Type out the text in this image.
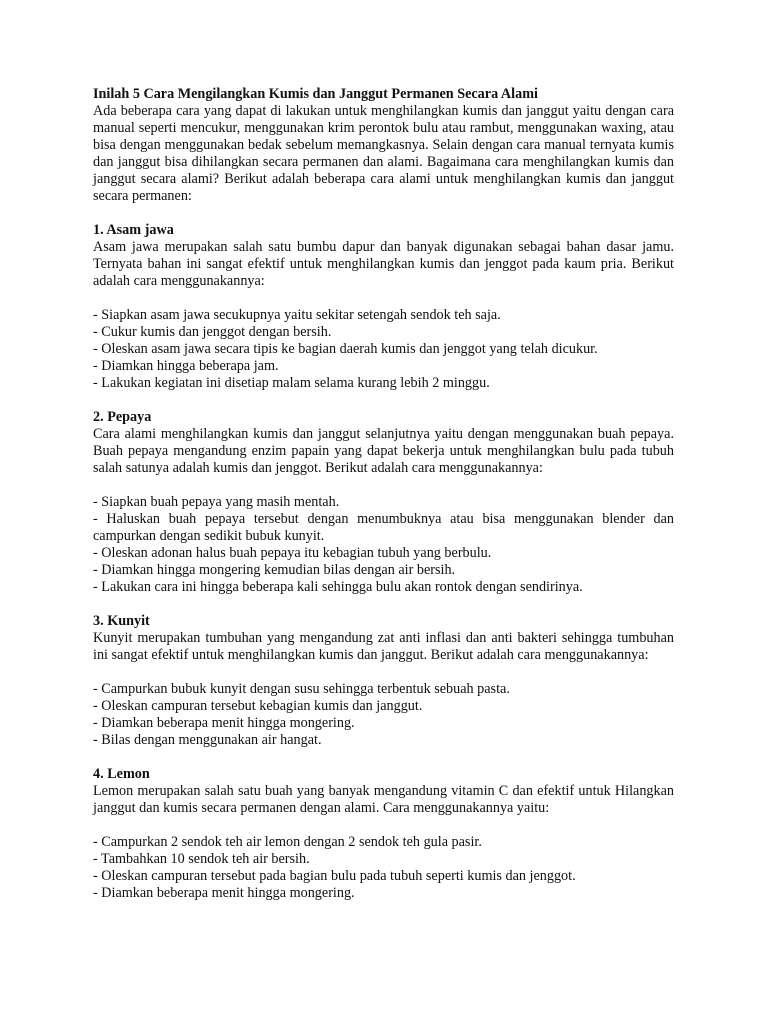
Inilah 5 Cara Mengilangkan Kumis dan Janggut Permanen Secara Alami

Ada beberapa cara yang dapat di lakukan untuk menghilangkan kumis dan janggut yaitu dengan cara manual seperti mencukur, menggunakan krim perontok bulu atau rambut, menggunakan waxing, atau bisa dengan menggunakan bedak sebelum memangkasnya. Selain dengan cara manual ternyata kumis dan janggut bisa dihilangkan secara permanen dan alami. Bagaimana cara menghilangkan kumis dan janggut secara alami? Berikut adalah beberapa cara alami untuk menghilangkan kumis dan janggut secara permanen:

1. Asam jawa

Asam jawa merupakan salah satu bumbu dapur dan banyak digunakan sebagai bahan dasar jamu. Ternyata bahan ini sangat efektif untuk menghilangkan kumis dan jenggot pada kaum pria. Berikut adalah cara menggunakannya:

- Siapkan asam jawa secukupnya yaitu sekitar setengah sendok teh saja.

- Cukur kumis dan jenggot dengan bersih.

- Oleskan asam jawa secara tipis ke bagian daerah kumis dan jenggot yang telah dicukur.

- Diamkan hingga beberapa jam.

- Lakukan kegiatan ini disetiap malam selama kurang lebih 2 minggu.

2. Pepaya

Cara alami menghilangkan kumis dan janggut selanjutnya yaitu dengan menggunakan buah pepaya. Buah pepaya mengandung enzim papain yang dapat bekerja untuk menghilangkan bulu pada tubuh salah satunya adalah kumis dan jenggot. Berikut adalah cara menggunakannya:

- Siapkan buah pepaya yang masih mentah.

- Haluskan buah pepaya tersebut dengan menumbuknya atau bisa menggunakan blender dan campurkan dengan sedikit bubuk kunyit.

- Oleskan adonan halus buah pepaya itu kebagian tubuh yang berbulu.

- Diamkan hingga mongering kemudian bilas dengan air bersih.

- Lakukan cara ini hingga beberapa kali sehingga bulu akan rontok dengan sendirinya.

3. Kunyit

Kunyit merupakan tumbuhan yang mengandung zat anti inflasi dan anti bakteri sehingga tumbuhan ini sangat efektif untuk menghilangkan kumis dan janggut. Berikut adalah cara menggunakannya:

- Campurkan bubuk kunyit dengan susu sehingga terbentuk sebuah pasta.

- Oleskan campuran tersebut kebagian kumis dan janggut.

- Diamkan beberapa menit hingga mongering.

- Bilas dengan menggunakan air hangat.

4. Lemon

Lemon merupakan salah satu buah yang banyak mengandung vitamin C dan efektif untuk Hilangkan janggut dan kumis secara permanen dengan alami. Cara menggunakannya yaitu:

- Campurkan 2 sendok teh air lemon dengan 2 sendok teh gula pasir.

- Tambahkan 10 sendok teh air bersih.

- Oleskan campuran tersebut pada bagian bulu pada tubuh seperti kumis dan jenggot.

- Diamkan beberapa menit hingga mongering.
